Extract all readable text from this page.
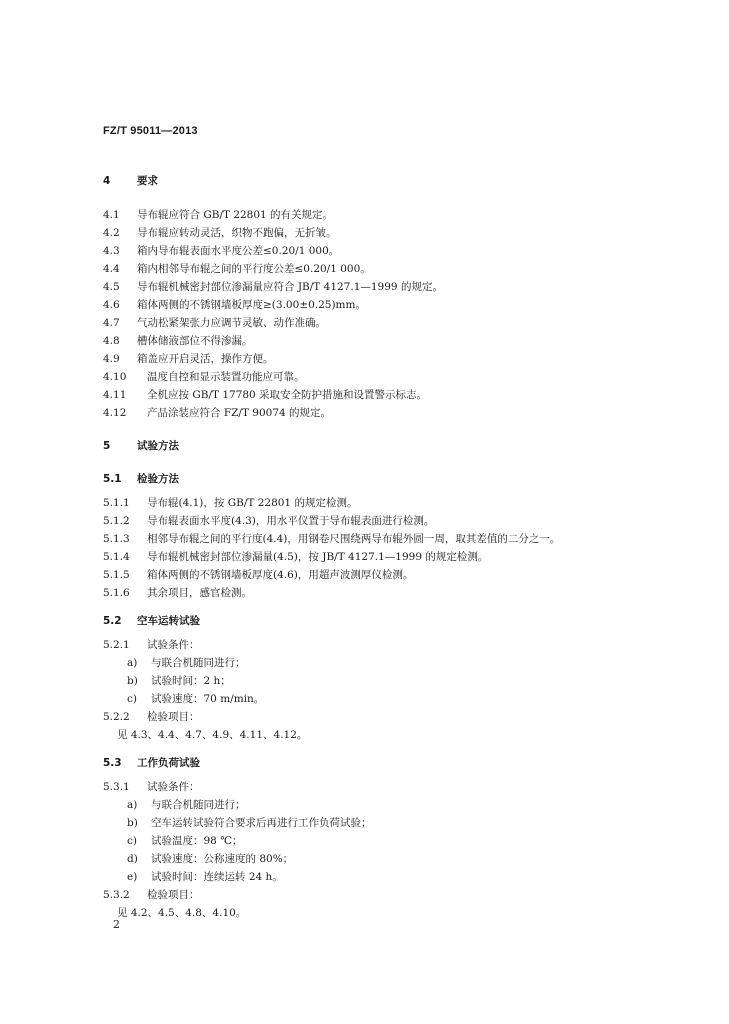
FZ/T 95011—2013
4	要求
4.1 导布辊应符合 GB/T 22801 的有关规定。
4.2 导布辊应转动灵活，织物不跑偏，无折皱。
4.3 箱内导布辊表面水平度公差≤0.20/1 000。
4.4 箱内相邻导布辊之间的平行度公差≤0.20/1 000。
4.5 导布辊机械密封部位渗漏量应符合 JB/T 4127.1—1999 的规定。
4.6 箱体两侧的不锈钢墙板厚度≥(3.00±0.25)mm。
4.7 气动松紧架张力应调节灵敏、动作准确。
4.8 槽体储液部位不得渗漏。
4.9 箱盖应开启灵活，操作方便。
4.10 温度自控和显示装置功能应可靠。
4.11 全机应按 GB/T 17780 采取安全防护措施和设置警示标志。
4.12 产品涂装应符合 FZ/T 90074 的规定。
5	试验方法
5.1 检验方法
5.1.1 导布辊(4.1)，按 GB/T 22801 的规定检测。
5.1.2 导布辊表面水平度(4.3)，用水平仪置于导布辊表面进行检测。
5.1.3 相邻导布辊之间的平行度(4.4)，用钢卷尺围绕两导布辊外圆一周，取其差值的二分之一。
5.1.4 导布辊机械密封部位渗漏量(4.5)，按 JB/T 4127.1—1999 的规定检测。
5.1.5 箱体两侧的不锈钢墙板厚度(4.6)，用超声波测厚仪检测。
5.1.6 其余项目，感官检测。
5.2 空车运转试验
5.2.1 试验条件：
a) 与联合机随同进行；
b) 试验时间：2 h；
c) 试验速度：70 m/min。
5.2.2 检验项目：
见 4.3、4.4、4.7、4.9、4.11、4.12。
5.3 工作负荷试验
5.3.1 试验条件：
a) 与联合机随同进行；
b) 空车运转试验符合要求后再进行工作负荷试验；
c) 试验温度：98 ℃；
d) 试验速度：公称速度的 80%；
e) 试验时间：连续运转 24 h。
5.3.2 检验项目：
见 4.2、4.5、4.8、4.10。
2
